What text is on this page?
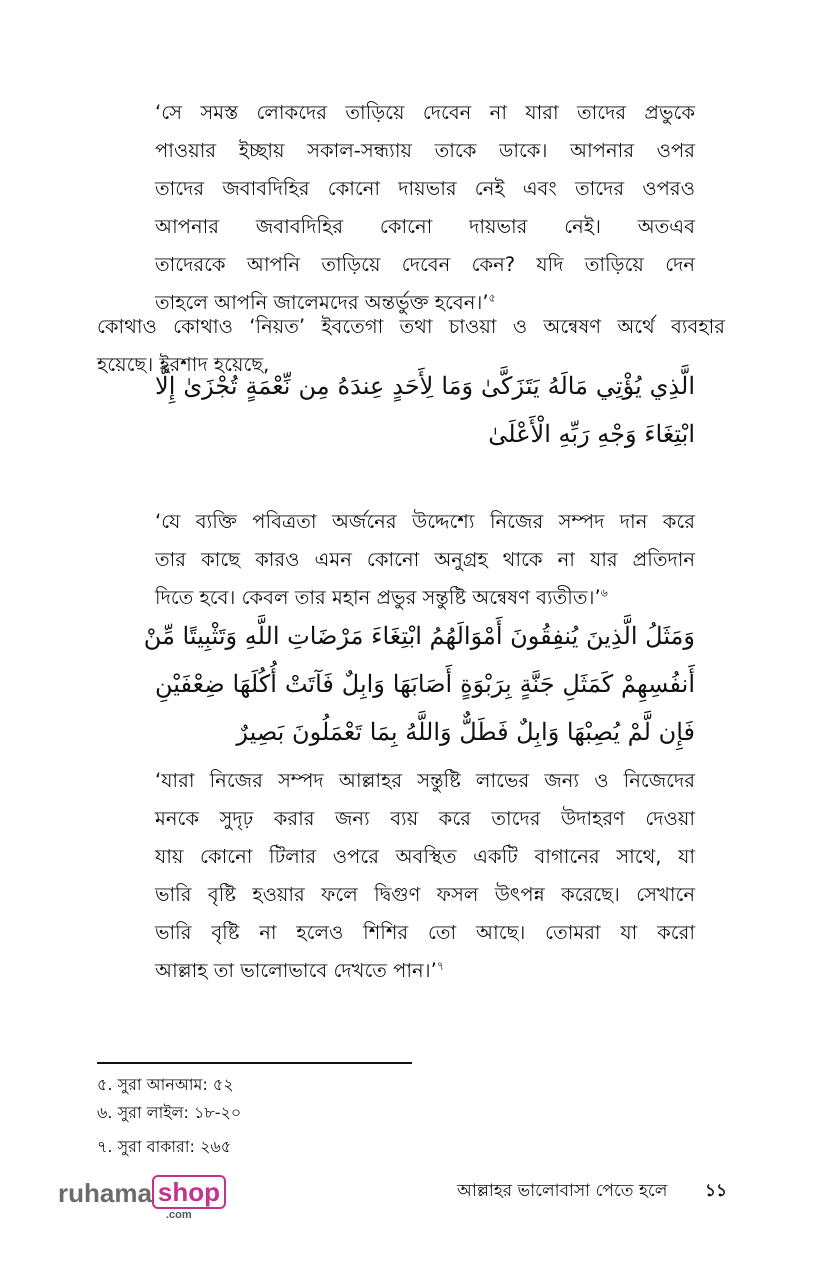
‘সে সমস্ত লোকদের তাড়িয়ে দেবেন না যারা তাদের প্রভুকে
পাওয়ার ইচ্ছায় সকাল-সন্ধ্যায় তাকে ডাকে। আপনার ওপর
তাদের জবাবদিহির কোনো দায়ভার নেই এবং তাদের ওপরও
আপনার জবাবদিহির কোনো দায়ভার নেই। অতএব
তাদেরকে আপনি তাড়িয়ে দেবেন কেন? যদি তাড়িয়ে দেন
তাহলে আপনি জালেমদের অন্তর্ভুক্ত হবেন।’$^৫$
কোথাও কোথাও ‘নিয়ত’ ইবতেগা তথা চাওয়া ও অন্বেষণ অর্থে ব্যবহার
হয়েছে। ইরশাদ হয়েছে,
الَّذِي يُؤْتِي مَالَهُ يَتَزَكَّىٰ وَمَا لِأَحَدٍ عِندَهُ مِن نِّعْمَةٍ تُجْزَىٰ إِلَّا
ابْتِغَاءَ وَجْهِ رَبِّهِ الْأَعْلَىٰ
‘যে ব্যক্তি পবিত্রতা অর্জনের উদ্দেশ্যে নিজের সম্পদ দান করে
তার কাছে কারও এমন কোনো অনুগ্রহ থাকে না যার প্রতিদান
দিতে হবে। কেবল তার মহান প্রভুর সন্তুষ্টি অন্বেষণ ব্যতীত।’$^৬$
وَمَثَلُ الَّذِينَ يُنفِقُونَ أَمْوَالَهُمُ ابْتِغَاءَ مَرْضَاتِ اللَّهِ وَتَثْبِيتًا مِّنْ
أَنفُسِهِمْ كَمَثَلِ جَنَّةٍ بِرَبْوَةٍ أَصَابَهَا وَابِلٌ فَآتَتْ أُكُلَهَا ضِعْفَيْنِ
فَإِن لَّمْ يُصِبْهَا وَابِلٌ فَطَلٌّ وَاللَّهُ بِمَا تَعْمَلُونَ بَصِيرٌ
‘যারা নিজের সম্পদ আল্লাহর সন্তুষ্টি লাভের জন্য ও নিজেদের
মনকে সুদৃঢ় করার জন্য ব্যয় করে তাদের উদাহরণ দেওয়া
যায় কোনো টিলার ওপরে অবস্থিত একটি বাগানের সাথে, যা
ভারি বৃষ্টি হওয়ার ফলে দ্বিগুণ ফসল উৎপন্ন করেছে। সেখানে
ভারি বৃষ্টি না হলেও শিশির তো আছে। তোমরা যা করো
আল্লাহ তা ভালোভাবে দেখতে পান।’$^৭$
৫. সুরা আনআম: ৫২
৬. সুরা লাইল: ১৮-২০
৭. সুরা বাকারা: ২৬৫
ruhama shop
.com
আল্লাহর ভালোবাসা পেতে হলে ১১
